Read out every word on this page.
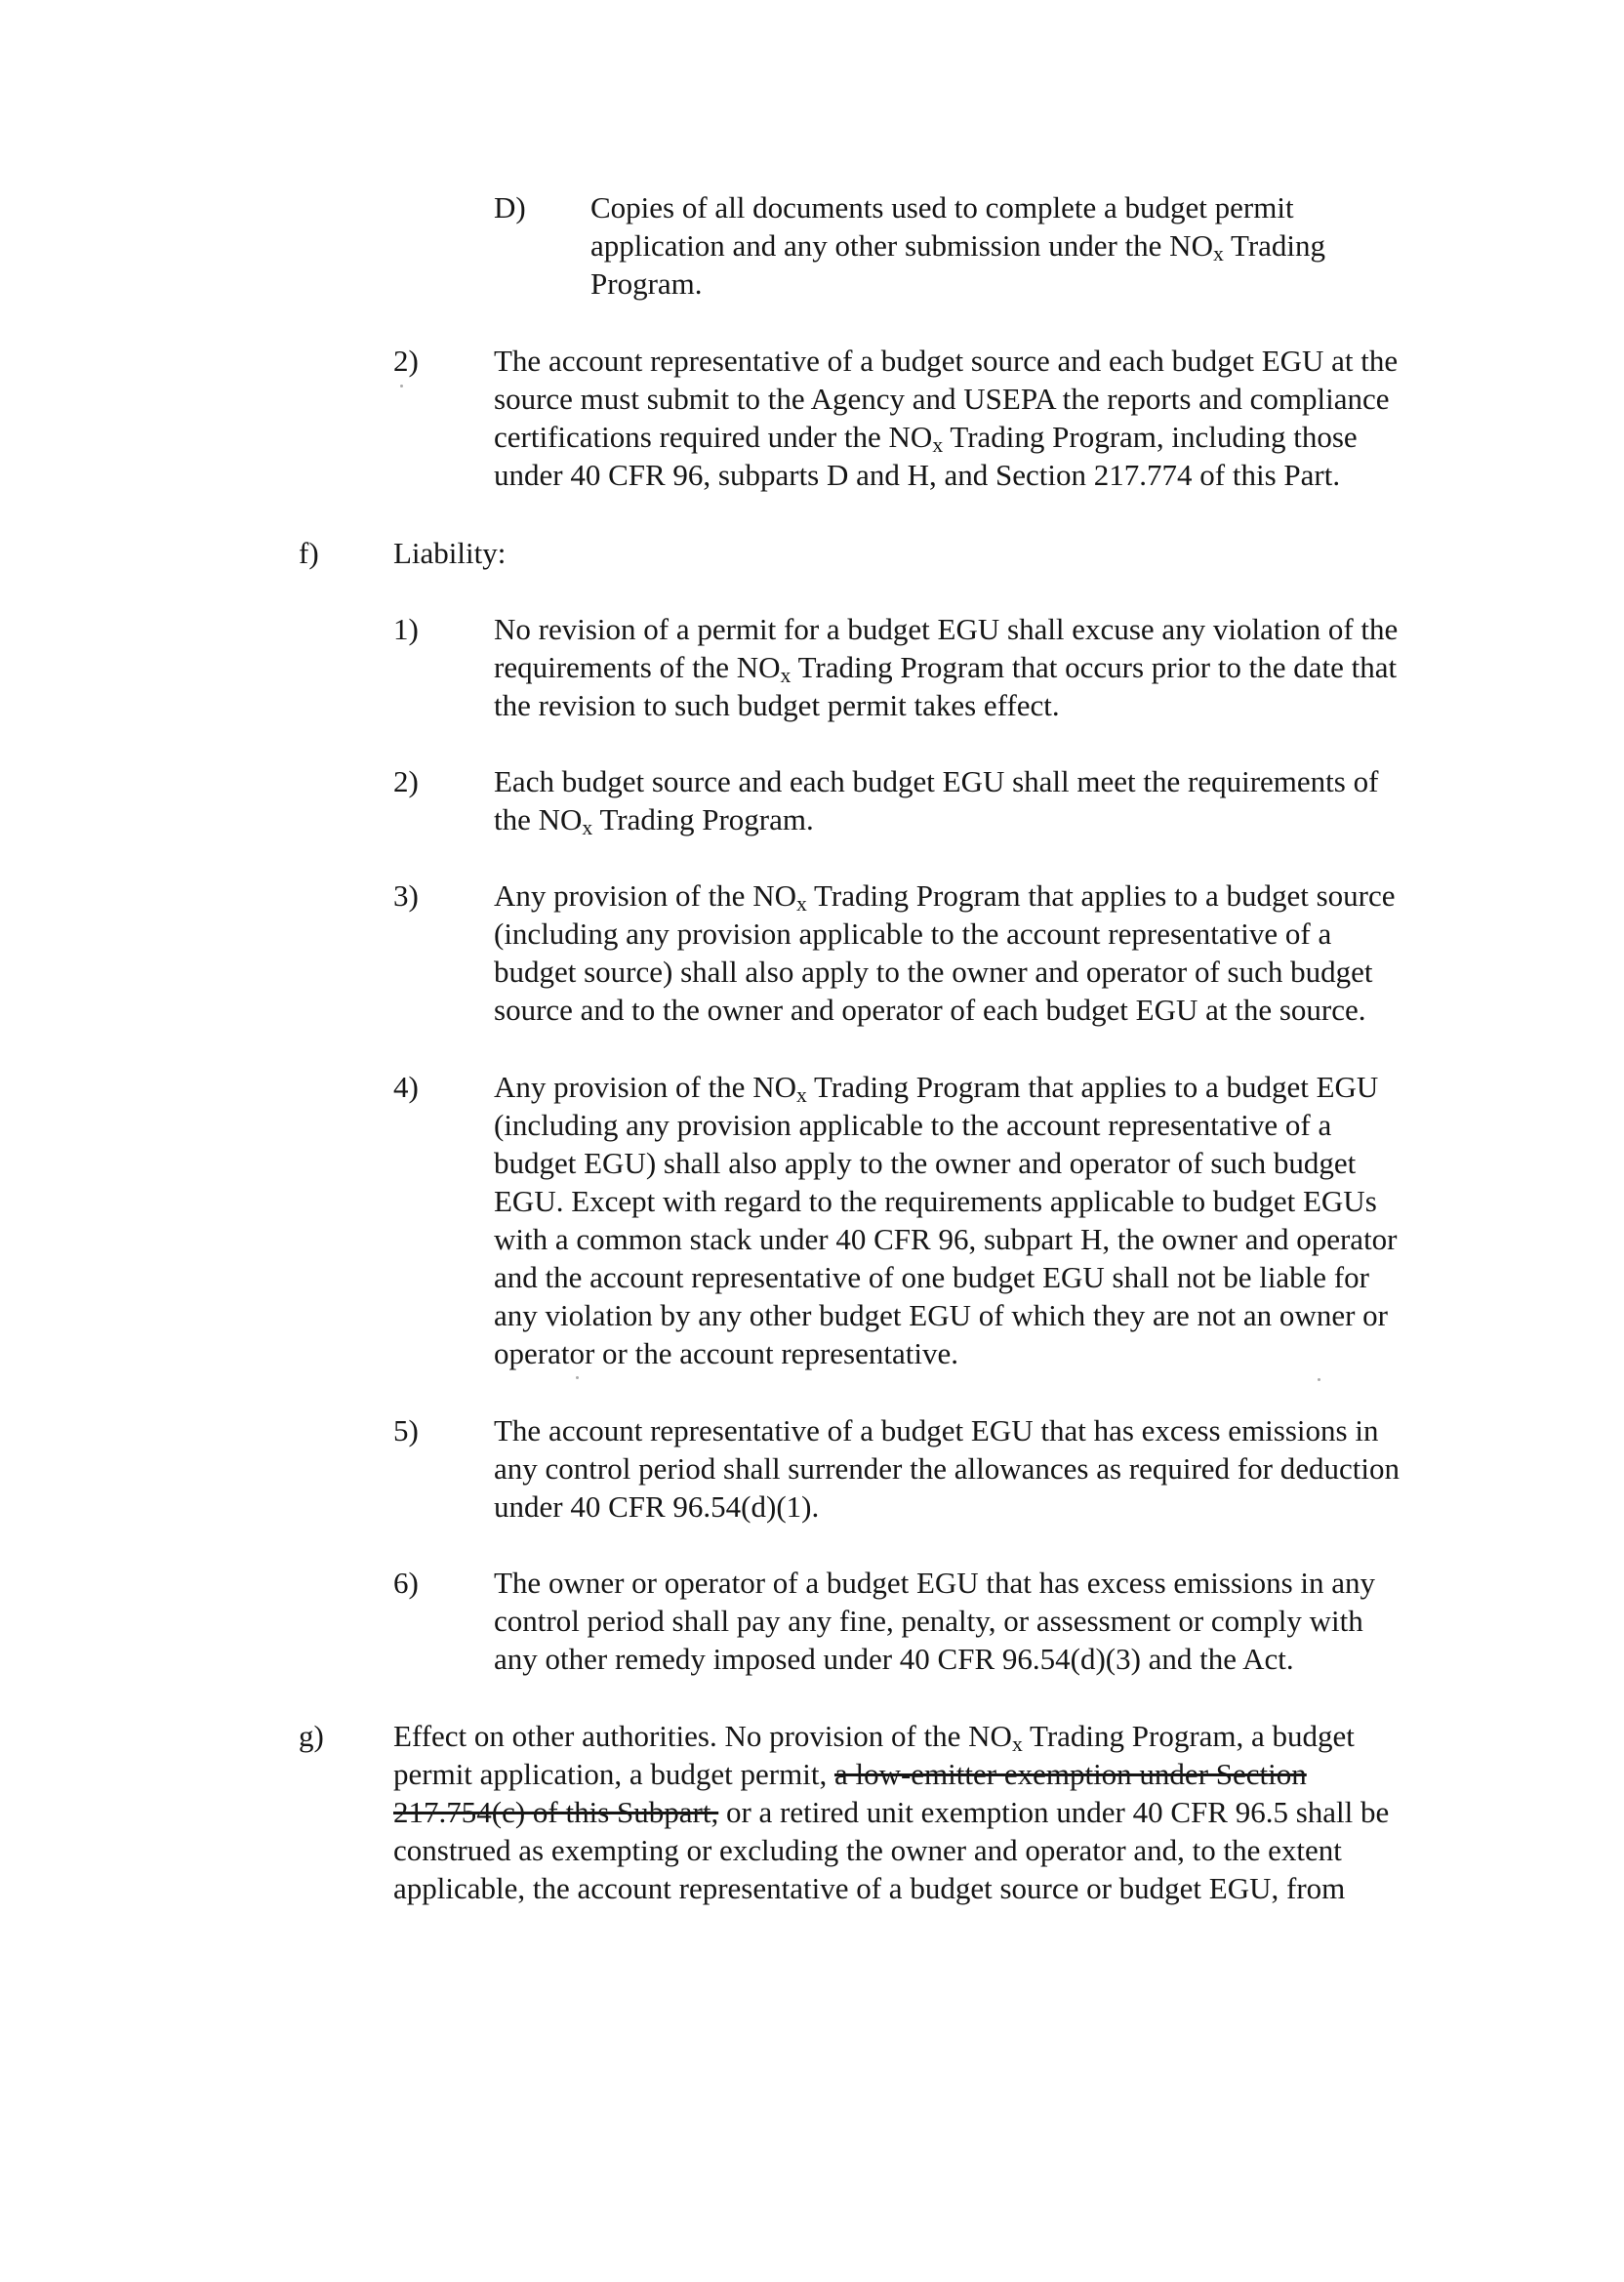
D) Copies of all documents used to complete a budget permit
application and any other submission under the $NO_x$ Trading
Program.
2) The account representative of a budget source and each budget EGU at the
source must submit to the Agency and USEPA the reports and compliance
certifications required under the $NO_x$ Trading Program, including those
under 40 CFR 96, subparts D and H, and Section 217.774 of this Part.
f) Liability:
1) No revision of a permit for a budget EGU shall excuse any violation of the
requirements of the $NO_x$ Trading Program that occurs prior to the date that
the revision to such budget permit takes effect.
2) Each budget source and each budget EGU shall meet the requirements of
the $NO_x$ Trading Program.
3) Any provision of the $NO_x$ Trading Program that applies to a budget source
(including any provision applicable to the account representative of a
budget source) shall also apply to the owner and operator of such budget
source and to the owner and operator of each budget EGU at the source.
4) Any provision of the $NO_x$ Trading Program that applies to a budget EGU
(including any provision applicable to the account representative of a
budget EGU) shall also apply to the owner and operator of such budget
EGU. Except with regard to the requirements applicable to budget EGUs
with a common stack under 40 CFR 96, subpart H, the owner and operator
and the account representative of one budget EGU shall not be liable for
any violation by any other budget EGU of which they are not an owner or
operator or the account representative.
5) The account representative of a budget EGU that has excess emissions in
any control period shall surrender the allowances as required for deduction
under 40 CFR 96.54(d)(1).
6) The owner or operator of a budget EGU that has excess emissions in any
control period shall pay any fine, penalty, or assessment or comply with
any other remedy imposed under 40 CFR 96.54(d)(3) and the Act.
g) Effect on other authorities. No provision of the $NO_x$ Trading Program, a budget
permit application, a budget permit, a low-emitter exemption under Section
217.754(c) of this Subpart, or a retired unit exemption under 40 CFR 96.5 shall be
construed as exempting or excluding the owner and operator and, to the extent
applicable, the account representative of a budget source or budget EGU, from
